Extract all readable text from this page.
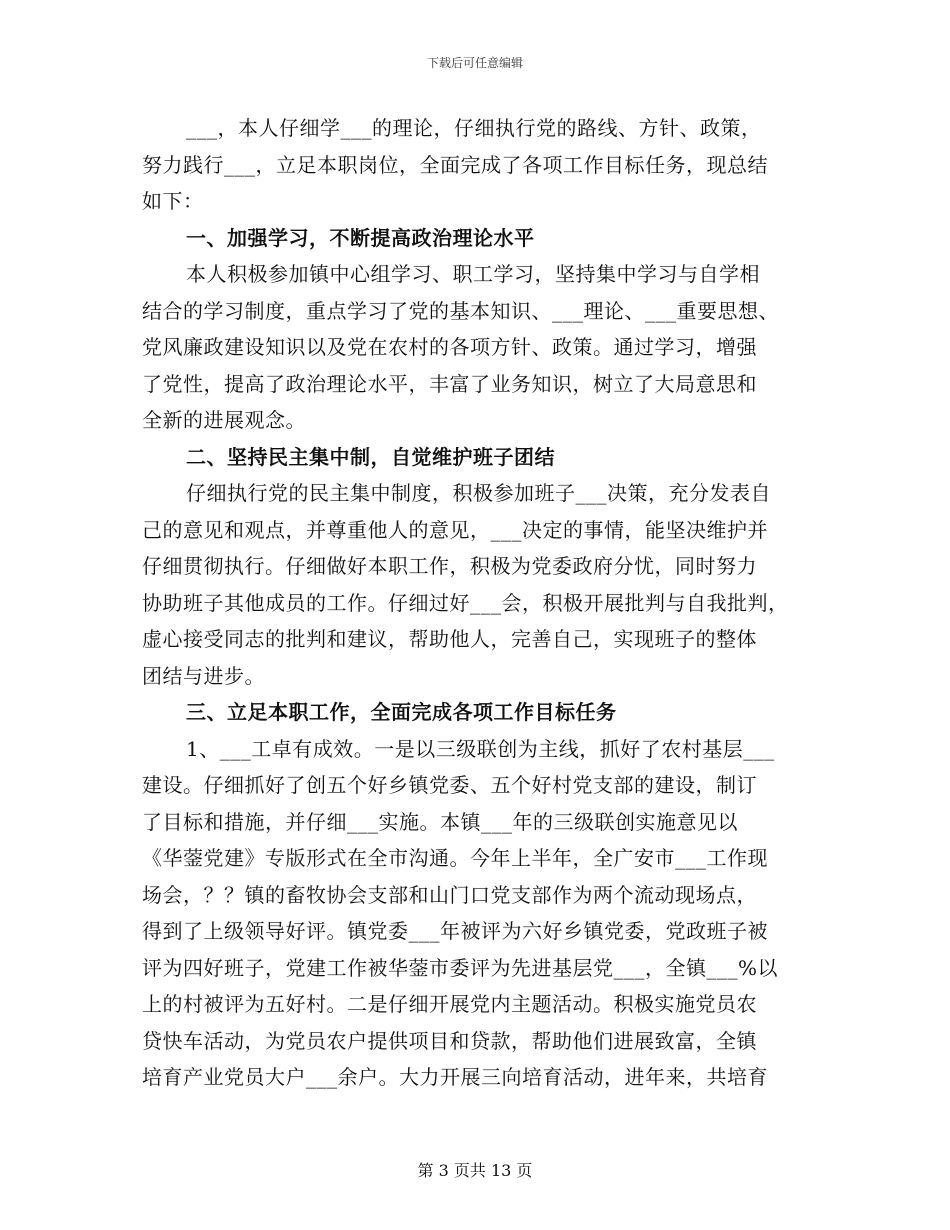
下载后可任意编辑
___，本人仔细学___的理论，仔细执行党的路线、方针、政策，
努力践行___，立足本职岗位，全面完成了各项工作目标任务，现总结
如下：
一、加强学习，不断提高政治理论水平
本人积极参加镇中心组学习、职工学习，坚持集中学习与自学相
结合的学习制度，重点学习了党的基本知识、___理论、___重要思想、
党风廉政建设知识以及党在农村的各项方针、政策。通过学习，增强
了党性，提高了政治理论水平，丰富了业务知识，树立了大局意思和
全新的进展观念。
二、坚持民主集中制，自觉维护班子团结
仔细执行党的民主集中制度，积极参加班子___决策，充分发表自
己的意见和观点，并尊重他人的意见，___决定的事情，能坚决维护并
仔细贯彻执行。仔细做好本职工作，积极为党委政府分忧，同时努力
协助班子其他成员的工作。仔细过好___会，积极开展批判与自我批判，
虚心接受同志的批判和建议，帮助他人，完善自己，实现班子的整体
团结与进步。
三、立足本职工作，全面完成各项工作目标任务
1、___工卓有成效。一是以三级联创为主线，抓好了农村基层___
建设。仔细抓好了创五个好乡镇党委、五个好村党支部的建设，制订
了目标和措施，并仔细___实施。本镇___年的三级联创实施意见以
《华蓥党建》专版形式在全市沟通。今年上半年，全广安市___工作现
场会，？？镇的畜牧协会支部和山门口党支部作为两个流动现场点，
得到了上级领导好评。镇党委___年被评为六好乡镇党委，党政班子被
评为四好班子，党建工作被华蓥市委评为先进基层党___，全镇___%以
上的村被评为五好村。二是仔细开展党内主题活动。积极实施党员农
贷快车活动，为党员农户提供项目和贷款，帮助他们进展致富，全镇
培育产业党员大户___余户。大力开展三向培育活动，进年来，共培育
第 3 页共 13 页
